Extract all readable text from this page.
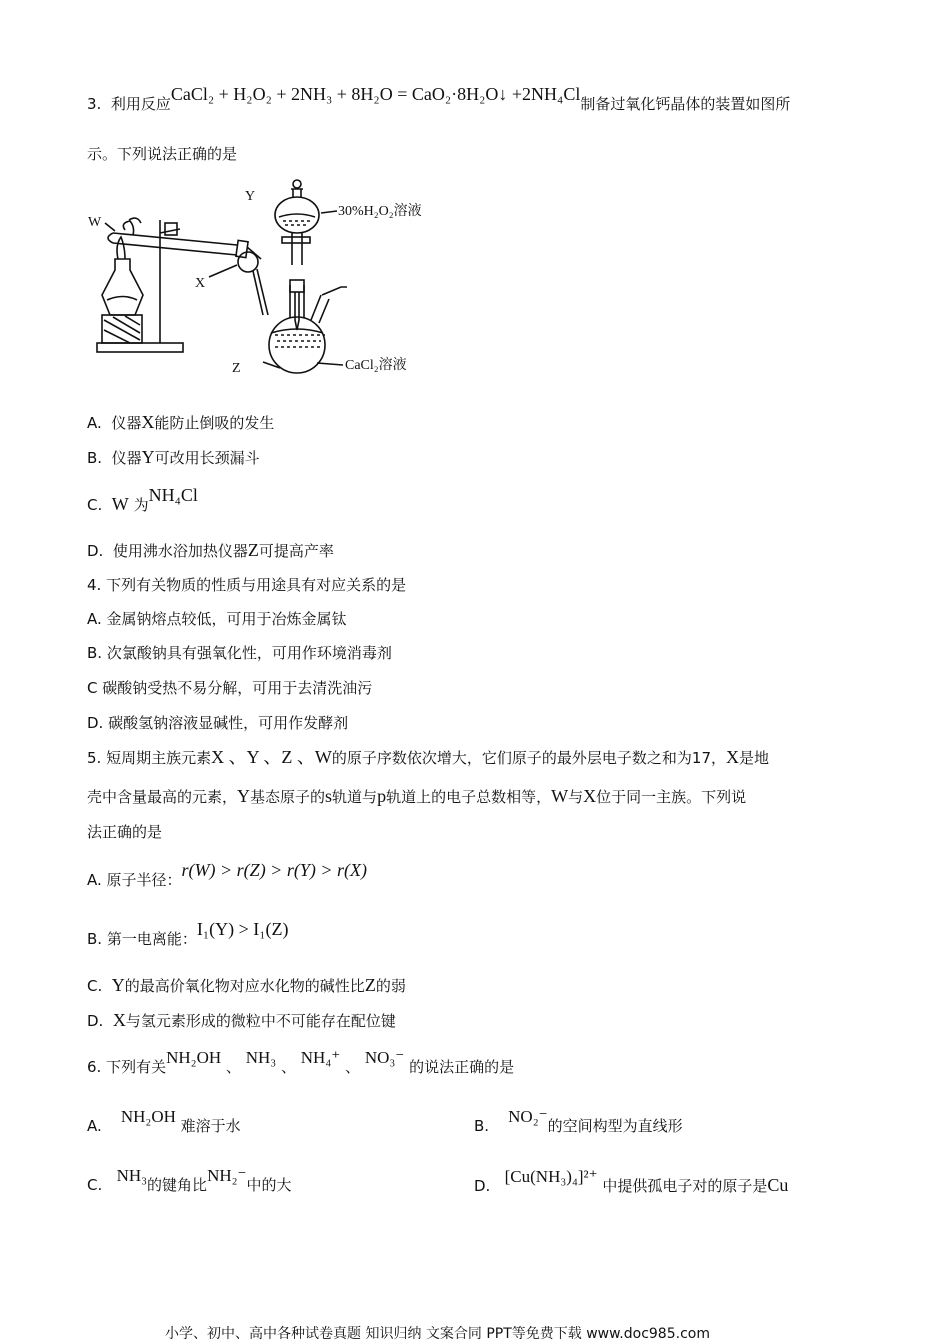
3. 利用反应CaCl₂ + H₂O₂ + 2NH₃ + 8H₂O = CaO₂·8H₂O↓ +2NH₄Cl制备过氧化钙晶体的装置如图所
示。下列说法正确的是
Y
W
X
Z
30%H₂O₂溶液
CaCl₂溶液
A. 仪器X能防止倒吸的发生
B. 仪器Y可改用长颈漏斗
C. W 为NH₄Cl
D. 使用沸水浴加热仪器Z可提高产率
4. 下列有关物质的性质与用途具有对应关系的是
A. 金属钠熔点较低，可用于冶炼金属钛
B. 次氯酸钠具有强氧化性，可用作环境消毒剂
C 碳酸钠受热不易分解，可用于去清洗油污
D. 碳酸氢钠溶液显碱性，可用作发酵剂
5. 短周期主族元素X 、Y 、Z 、W的原子序数依次增大，它们原子的最外层电子数之和为17，X是地
壳中含量最高的元素，Y基态原子的s轨道与p轨道上的电子总数相等，W与X位于同一主族。下列说
法正确的是
A. 原子半径：r(W) > r(Z) > r(Y) > r(X)
B. 第一电离能：I₁(Y) > I₁(Z)
C. Y的最高价氧化物对应水化物的碱性比Z的弱
D. X与氢元素形成的微粒中不可能存在配位键
6. 下列有关NH₂OH 、 NH₃ 、 NH₄⁺ 、 NO₃⁻ 的说法正确的是
A. NH₂OH 难溶于水	B. NO₂⁻的空间构型为直线形
C. NH₃的键角比NH₂⁻中的大	D. [Cu(NH₃)₄]²⁺ 中提供孤电子对的原子是Cu
小学、初中、高中各种试卷真题 知识归纳 文案合同 PPT等免费下载 www.doc985.com
